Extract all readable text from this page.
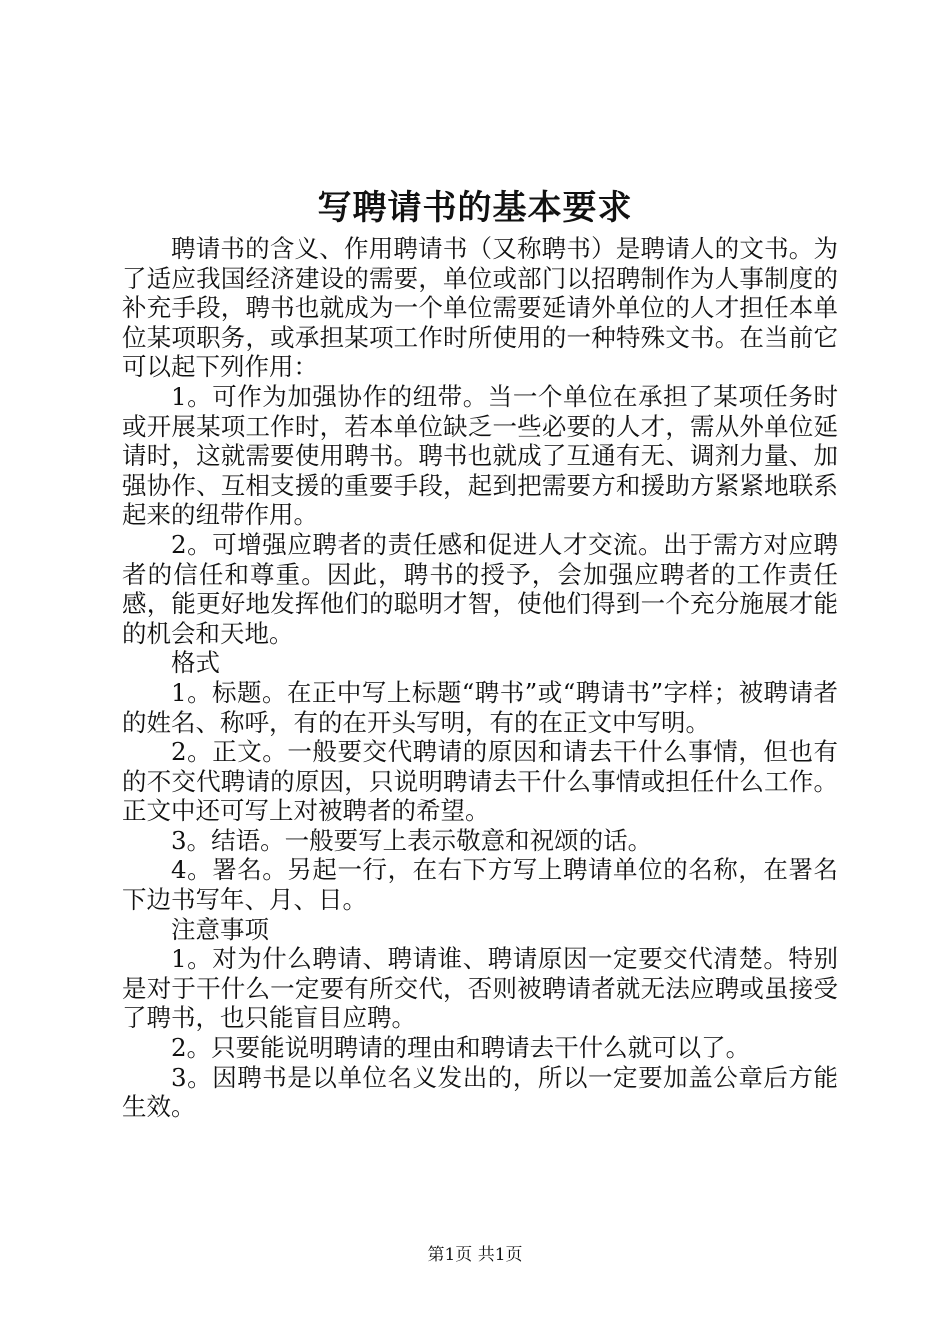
写聘请书的基本要求

聘请书的含义、作用聘请书（又称聘书）是聘请人的文书。为了适应我国经济建设的需要，单位或部门以招聘制作为人事制度的补充手段，聘书也就成为一个单位需要延请外单位的人才担任本单位某项职务，或承担某项工作时所使用的一种特殊文书。在当前它可以起下列作用：

1。可作为加强协作的纽带。当一个单位在承担了某项任务时或开展某项工作时，若本单位缺乏一些必要的人才，需从外单位延请时，这就需要使用聘书。聘书也就成了互通有无、调剂力量、加强协作、互相支援的重要手段，起到把需要方和援助方紧紧地联系起来的纽带作用。

2。可增强应聘者的责任感和促进人才交流。出于需方对应聘者的信任和尊重。因此，聘书的授予，会加强应聘者的工作责任感，能更好地发挥他们的聪明才智，使他们得到一个充分施展才能的机会和天地。

格式

1。标题。在正中写上标题“聘书”或“聘请书”字样；被聘请者的姓名、称呼，有的在开头写明，有的在正文中写明。

2。正文。一般要交代聘请的原因和请去干什么事情，但也有的不交代聘请的原因，只说明聘请去干什么事情或担任什么工作。正文中还可写上对被聘者的希望。

3。结语。一般要写上表示敬意和祝颂的话。

4。署名。另起一行，在右下方写上聘请单位的名称，在署名下边书写年、月、日。

注意事项

1。对为什么聘请、聘请谁、聘请原因一定要交代清楚。特别是对于干什么一定要有所交代，否则被聘请者就无法应聘或虽接受了聘书，也只能盲目应聘。

2。只要能说明聘请的理由和聘请去干什么就可以了。

3。因聘书是以单位名义发出的，所以一定要加盖公章后方能生效。

第1页 共1页
